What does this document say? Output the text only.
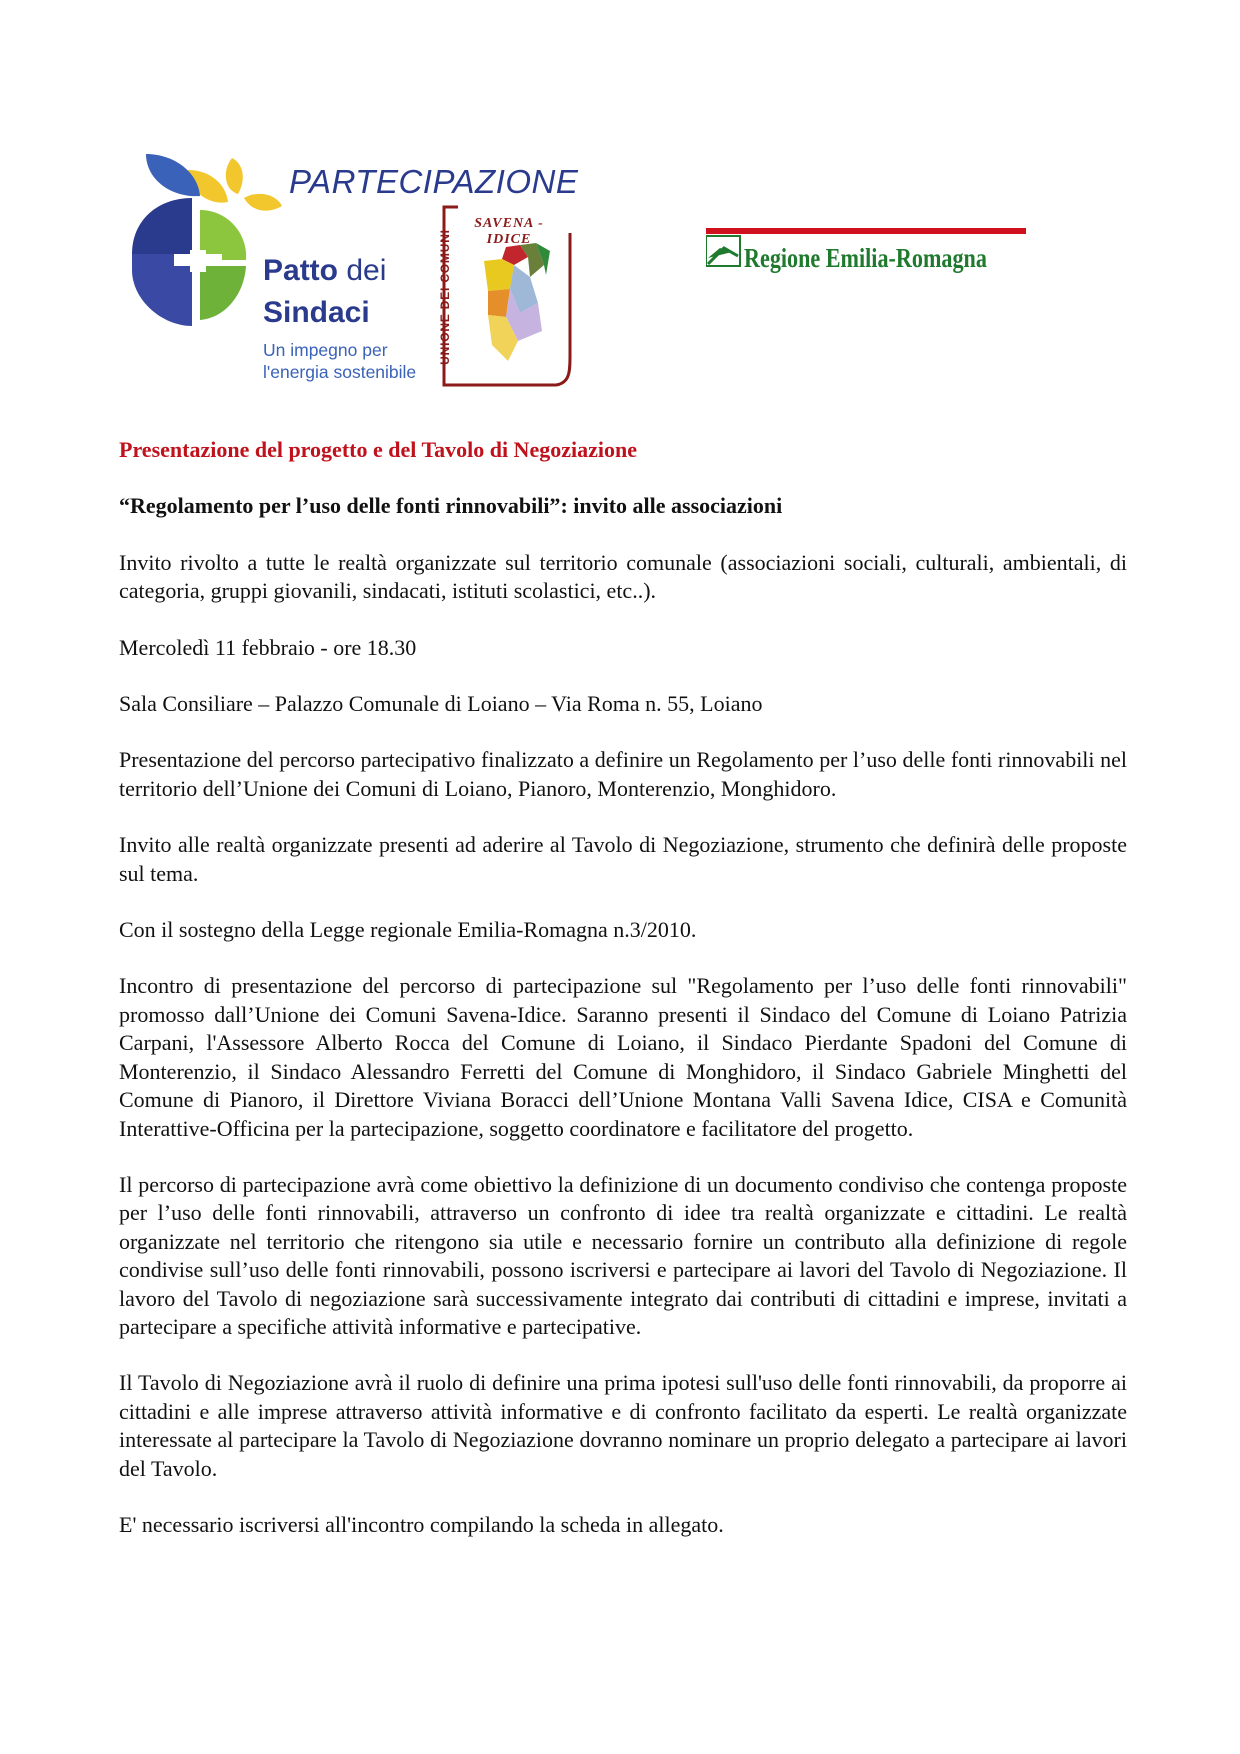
PARTECIPAZIONE
Patto dei
Sindaci
Un impegno per
l'energia sostenibile
SAVENA - IDICE
UNIONE DEI COMUNI	Regione Emilia-Romagna

Presentazione del progetto e del Tavolo di Negoziazione

“Regolamento per l’uso delle fonti rinnovabili”: invito alle associazioni

Invito rivolto a tutte le realtà organizzate sul territorio comunale (associazioni sociali, culturali, ambientali, di categoria, gruppi giovanili, sindacati, istituti scolastici, etc..).

Mercoledì 11 febbraio - ore 18.30

Sala Consiliare – Palazzo Comunale di Loiano – Via Roma n. 55, Loiano

Presentazione del percorso partecipativo finalizzato a definire un Regolamento per l’uso delle fonti rinnovabili nel territorio dell’Unione dei Comuni di Loiano, Pianoro, Monterenzio, Monghidoro.

Invito alle realtà organizzate presenti ad aderire al Tavolo di Negoziazione, strumento che definirà delle proposte sul tema.

Con il sostegno della Legge regionale Emilia-Romagna n.3/2010.

Incontro di presentazione del percorso di partecipazione sul "Regolamento per l’uso delle fonti rinnovabili" promosso dall’Unione dei Comuni Savena-Idice. Saranno presenti il Sindaco del Comune di Loiano Patrizia Carpani, l'Assessore Alberto Rocca del Comune di Loiano, il Sindaco Pierdante Spadoni del Comune di Monterenzio, il Sindaco Alessandro Ferretti del Comune di Monghidoro, il Sindaco Gabriele Minghetti del Comune di Pianoro, il Direttore Viviana Boracci dell’Unione Montana Valli Savena Idice, CISA e Comunità Interattive-Officina per la partecipazione, soggetto coordinatore e facilitatore del progetto.

Il percorso di partecipazione avrà come obiettivo la definizione di un documento condiviso che contenga proposte per l’uso delle fonti rinnovabili, attraverso un confronto di idee tra realtà organizzate e cittadini. Le realtà organizzate nel territorio che ritengono sia utile e necessario fornire un contributo alla definizione di regole condivise sull’uso delle fonti rinnovabili, possono iscriversi e partecipare ai lavori del Tavolo di Negoziazione. Il lavoro del Tavolo di negoziazione sarà successivamente integrato dai contributi di cittadini e imprese, invitati a partecipare a specifiche attività informative e partecipative.

Il Tavolo di Negoziazione avrà il ruolo di definire una prima ipotesi sull'uso delle fonti rinnovabili, da proporre ai cittadini e alle imprese attraverso attività informative e di confronto facilitato da esperti. Le realtà organizzate interessate al partecipare la Tavolo di Negoziazione dovranno nominare un proprio delegato a partecipare ai lavori del Tavolo.

E' necessario iscriversi all'incontro compilando la scheda in allegato.
